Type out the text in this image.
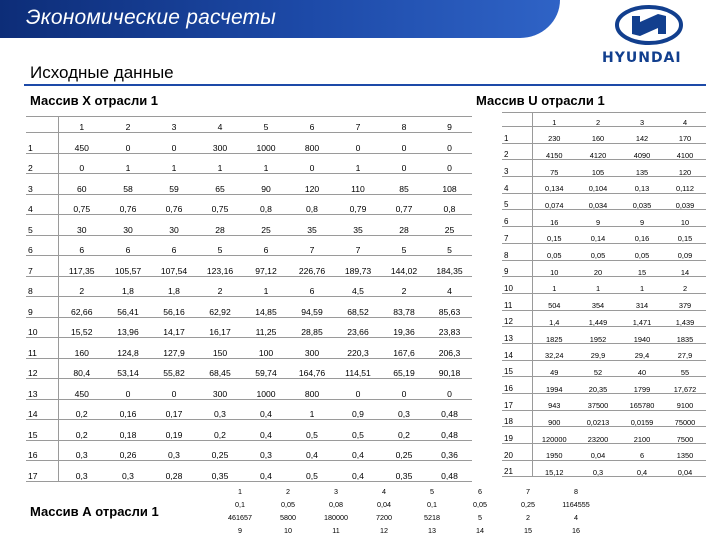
Экономические расчеты
HYUNDAI
Исходные данные
Массив X отрасли 1	Массив U отрасли 1
	1	2	3	4	5	6	7	8	9
1	450	0	0	300	1000	800	0	0	0
2	0	1	1	1	1	0	1	0	0
3	60	58	59	65	90	120	110	85	108
4	0,75	0,76	0,76	0,75	0,8	0,8	0,79	0,77	0,8
5	30	30	30	28	25	35	35	28	25
6	6	6	6	5	6	7	7	5	5
7	117,35	105,57	107,54	123,16	97,12	226,76	189,73	144,02	184,35
8	2	1,8	1,8	2	1	6	4,5	2	4
9	62,66	56,41	56,16	62,92	14,85	94,59	68,52	83,78	85,63
10	15,52	13,96	14,17	16,17	11,25	28,85	23,66	19,36	23,83
11	160	124,8	127,9	150	100	300	220,3	167,6	206,3
12	80,4	53,14	55,82	68,45	59,74	164,76	114,51	65,19	90,18
13	450	0	0	300	1000	800	0	0	0
14	0,2	0,16	0,17	0,3	0,4	1	0,9	0,3	0,48
15	0,2	0,18	0,19	0,2	0,4	0,5	0,5	0,2	0,48
16	0,3	0,26	0,3	0,25	0,3	0,4	0,4	0,25	0,36
17	0,3	0,3	0,28	0,35	0,4	0,5	0,4	0,35	0,48
	1	2	3	4
1	230	160	142	170
2	4150	4120	4090	4100
3	75	105	135	120
4	0,134	0,104	0,13	0,112
5	0,074	0,034	0,035	0,039
6	16	9	9	10
7	0,15	0,14	0,16	0,15
8	0,05	0,05	0,05	0,09
9	10	20	15	14
10	1	1	1	2
11	504	354	314	379
12	1,4	1,449	1,471	1,439
13	1825	1952	1940	1835
14	32,24	29,9	29,4	27,9
15	49	52	40	55
16	1994	20,35	1799	17,672
17	943	37500	165780	9100
18	900	0,0213	0,0159	75000
19	120000	23200	2100	7500
20	1950	0,04	6	1350
21	15,12	0,3	0,4	0,04
Массив А отрасли 1
1	2	3	4	5	6	7	8
0,1	0,05	0,08	0,04	0,1	0,05	0,25	1164555
461657	5800	180000	7200	5218	5	2	4
9	10	11	12	13	14	15	16
